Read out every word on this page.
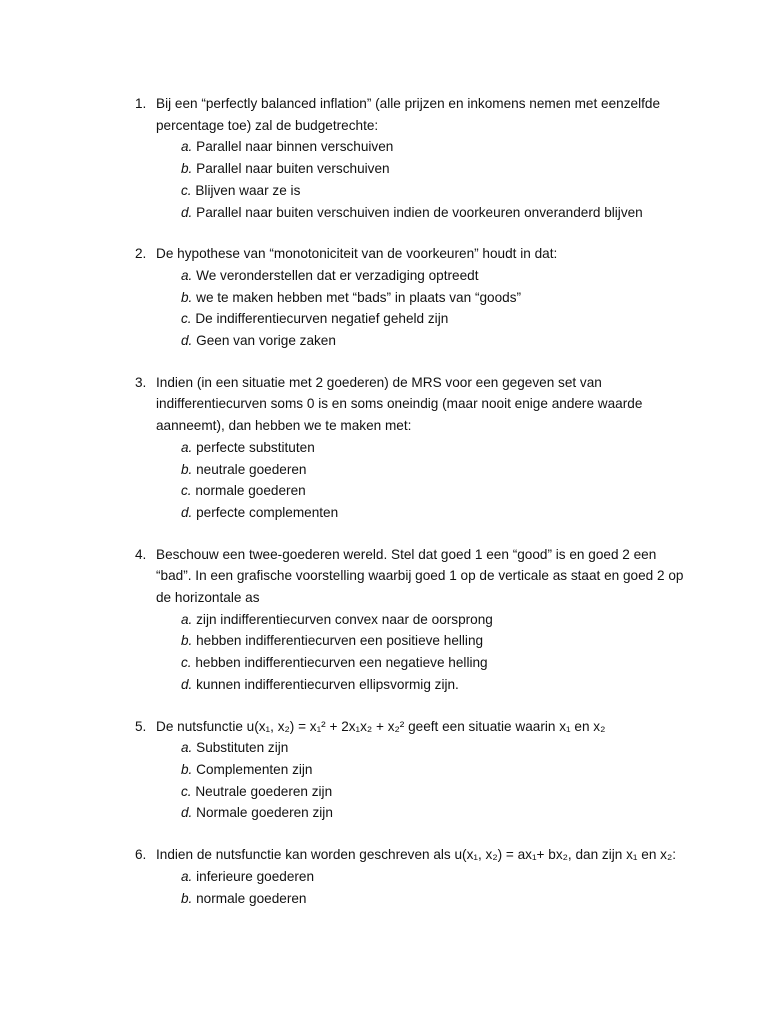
1. Bij een “perfectly balanced inflation” (alle prijzen en inkomens nemen met eenzelfde percentage toe) zal de budgetrechte:
a. Parallel naar binnen verschuiven
b. Parallel naar buiten verschuiven
c. Blijven waar ze is
d. Parallel naar buiten verschuiven indien de voorkeuren onveranderd blijven
2. De hypothese van “monotoniciteit van de voorkeuren” houdt in dat:
a. We veronderstellen dat er verzadiging optreedt
b. we te maken hebben met “bads” in plaats van “goods”
c. De indifferentiecurven negatief geheld zijn
d. Geen van vorige zaken
3. Indien (in een situatie met 2 goederen) de MRS voor een gegeven set van indifferentiecurven soms 0 is en soms oneindig (maar nooit enige andere waarde aanneemt), dan hebben we te maken met:
a. perfecte substituten
b. neutrale goederen
c. normale goederen
d. perfecte complementen
4. Beschouw een twee-goederen wereld. Stel dat goed 1 een “good” is en goed 2 een “bad”. In een grafische voorstelling waarbij goed 1 op de verticale as staat en goed 2 op de horizontale as
a. zijn indifferentiecurven convex naar de oorsprong
b. hebben indifferentiecurven een positieve helling
c. hebben indifferentiecurven een negatieve helling
d. kunnen indifferentiecurven ellipsvormig zijn.
5. De nutsfunctie u(x₁, x₂) = x₁² + 2x₁x₂ + x₂² geeft een situatie waarin x₁ en x₂
a. Substituten zijn
b. Complementen zijn
c. Neutrale goederen zijn
d. Normale goederen zijn
6. Indien de nutsfunctie kan worden geschreven als u(x₁, x₂) = ax₁+ bx₂, dan zijn x₁ en x₂:
a. inferieure goederen
b. normale goederen
